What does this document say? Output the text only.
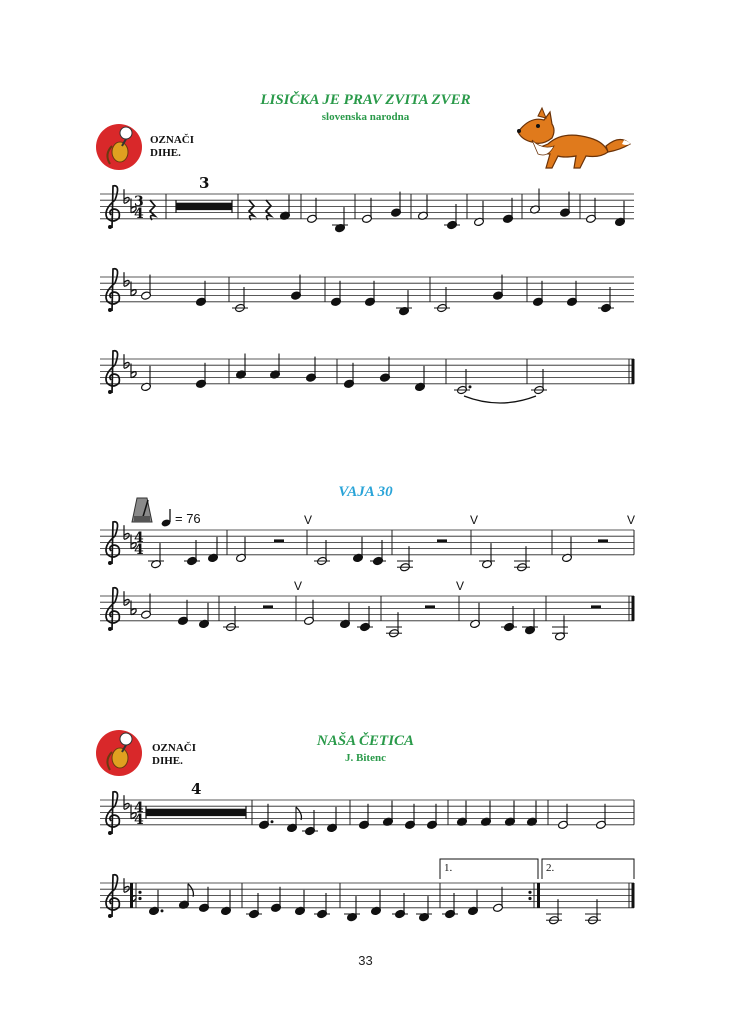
LISIČKA JE PRAV ZVITA ZVER
slovenska narodna
OZNAČI
DIHE.
VAJA 30
= 76
NAŠA ČETICA
J. Bitenc
OZNAČI
DIHE.
3
4
3
4
4
V	V	V
V	V
4
4
4
1.	2.
33
